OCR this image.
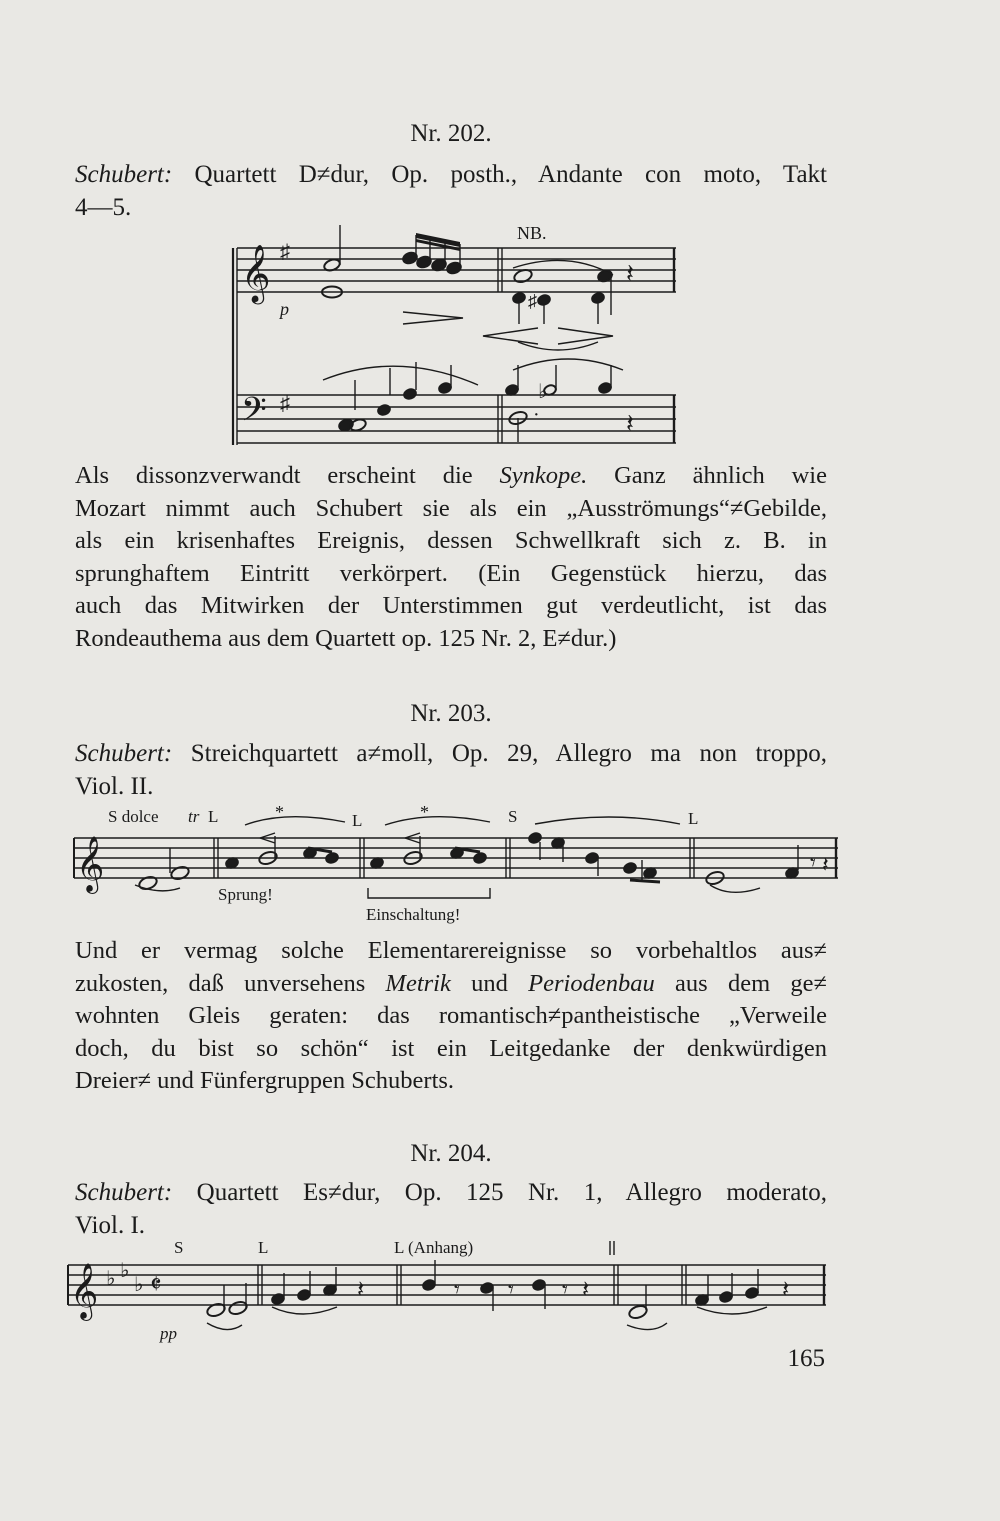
Nr. 202.
Schubert: Quartett D≠dur, Op. posth., Andante con moto, Takt
4—5.
𝄞 ♯
𝄢 ♯
♯
♭
·
𝄽
𝄽
p
NB.
Als dissonzverwandt erscheint die Synkope. Ganz ähnlich wie
Mozart nimmt auch Schubert sie als ein „Ausströmungs“≠Gebilde,
als ein krisenhaftes Ereignis, dessen Schwellkraft sich z. B. in
sprunghaftem Eintritt verkörpert. (Ein Gegenstück hierzu, das
auch das Mitwirken der Unterstimmen gut verdeutlicht, ist das
Rondeauthema aus dem Quartett op. 125 Nr. 2, E≠dur.)
Nr. 203.
Schubert: Streichquartett a≠moll, Op. 29, Allegro ma non troppo,
Viol. II.
S dolce tr L	L	S	L
𝄞
*	*
𝄾 𝄽
Sprung!
Einschaltung!
Und er vermag solche Elementarereignisse so vorbehaltlos aus≠
zukosten, daß unversehens Metrik und Periodenbau aus dem ge≠
wohnten Gleis geraten: das romantisch≠pantheistische „Verweile
doch, du bist so schön“ ist ein Leitgedanke der denkwürdigen
Dreier≠ und Fünfergruppen Schuberts.
Nr. 204.
Schubert: Quartett Es≠dur, Op. 125 Nr. 1, Allegro moderato,
Viol. I.
S	L	L (Anhang)
𝄞 ♭ ♭
♭ 𝄵	𝄽	𝄾 𝄾 𝄾 𝄽	𝄽
pp
165
